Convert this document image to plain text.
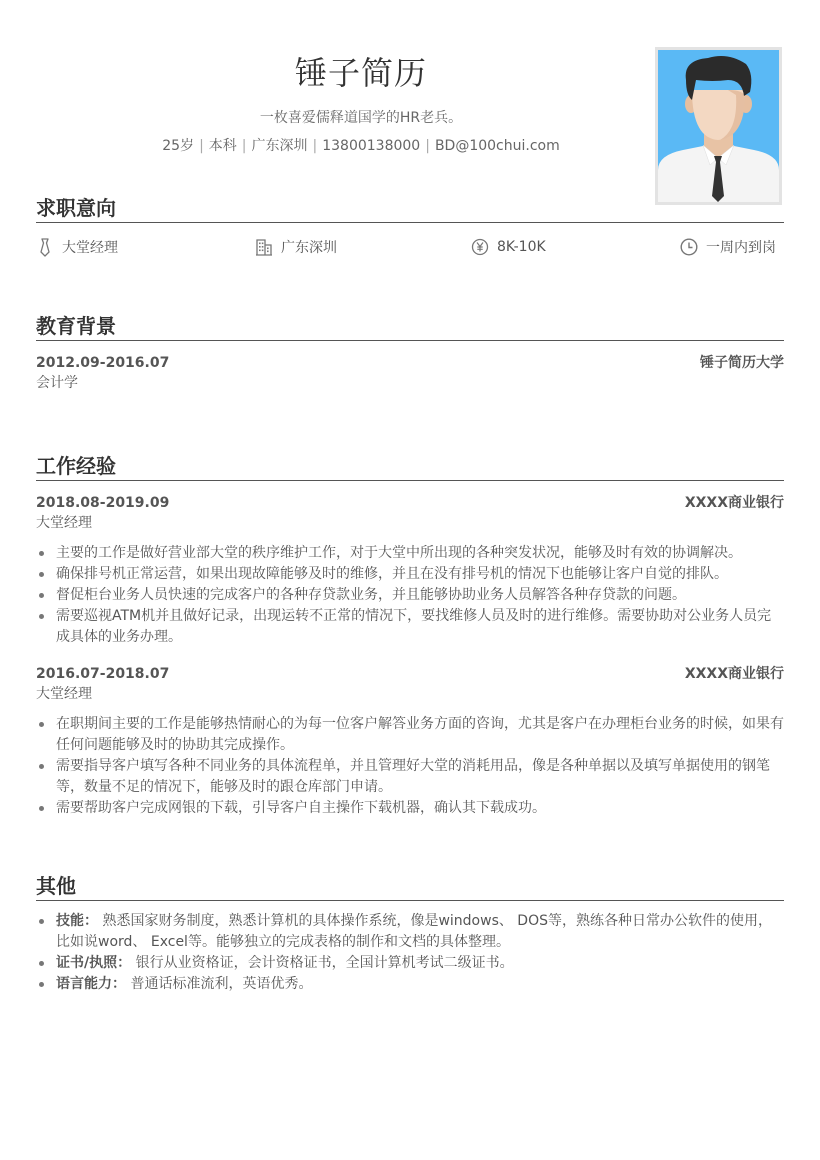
锤子简历
一枚喜爱儒释道国学的HR老兵。
25岁 | 本科 | 广东深圳 | 13800138000 | BD@100chui.com
求职意向
大堂经理	广东深圳	8K-10K	一周内到岗
教育背景
2012.09-2016.07	锤子简历大学
会计学
工作经验
2018.08-2019.09	XXXX商业银行
大堂经理
主要的工作是做好营业部大堂的秩序维护工作，对于大堂中所出现的各种突发状况，能够及时有效的协调解决。
确保排号机正常运营，如果出现故障能够及时的维修，并且在没有排号机的情况下也能够让客户自觉的排队。
督促柜台业务人员快速的完成客户的各种存贷款业务，并且能够协助业务人员解答各种存贷款的问题。
需要巡视ATM机并且做好记录，出现运转不正常的情况下，要找维修人员及时的进行维修。需要协助对公业务人员完成具体的业务办理。
2016.07-2018.07	XXXX商业银行
大堂经理
在职期间主要的工作是能够热情耐心的为每一位客户解答业务方面的咨询，尤其是客户在办理柜台业务的时候，如果有任何问题能够及时的协助其完成操作。
需要指导客户填写各种不同业务的具体流程单，并且管理好大堂的消耗用品，像是各种单据以及填写单据使用的钢笔等，数量不足的情况下，能够及时的跟仓库部门申请。
需要帮助客户完成网银的下载，引导客户自主操作下载机器，确认其下载成功。
其他
技能： 熟悉国家财务制度，熟悉计算机的具体操作系统，像是windows、 DOS等，熟练各种日常办公软件的使用，比如说word、 Excel等。能够独立的完成表格的制作和文档的具体整理。
证书/执照： 银行从业资格证，会计资格证书，全国计算机考试二级证书。
语言能力： 普通话标准流利，英语优秀。
